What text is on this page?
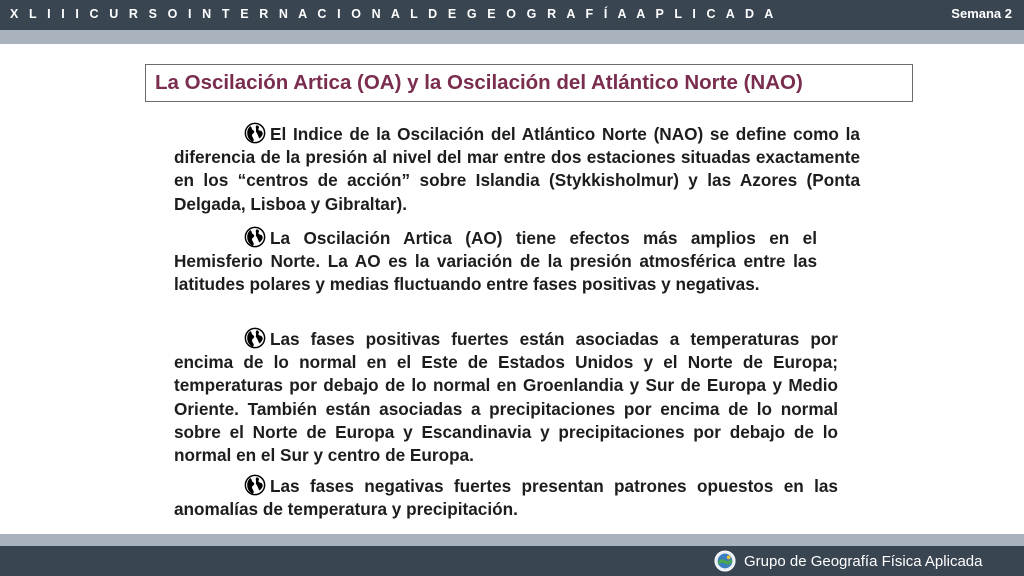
X L I I I C U R S O I N T E R N A C I O N A L D E G E O G R A F Í A A P L I C A D A	Semana 2
La Oscilación Artica (OA) y la Oscilación del Atlántico Norte (NAO)
El Indice de la Oscilación del Atlántico Norte (NAO) se define como la diferencia de la presión al nivel del mar entre dos estaciones situadas exactamente en los “centros de acción” sobre Islandia (Stykkisholmur) y las Azores (Ponta Delgada, Lisboa y Gibraltar).
La Oscilación Artica (AO) tiene efectos más amplios en el Hemisferio Norte. La AO es la variación de la presión atmosférica entre las latitudes polares y medias fluctuando entre fases positivas y negativas.
Las fases positivas fuertes están asociadas a temperaturas por encima de lo normal en el Este de Estados Unidos y el Norte de Europa; temperaturas por debajo de lo normal en Groenlandia y Sur de Europa y Medio Oriente. También están asociadas a precipitaciones por encima de lo normal sobre el Norte de Europa y Escandinavia y precipitaciones por debajo de lo normal en el Sur y centro de Europa.
Las fases negativas fuertes presentan patrones opuestos en las anomalías de temperatura y precipitación.
Grupo de Geografía Física Aplicada
